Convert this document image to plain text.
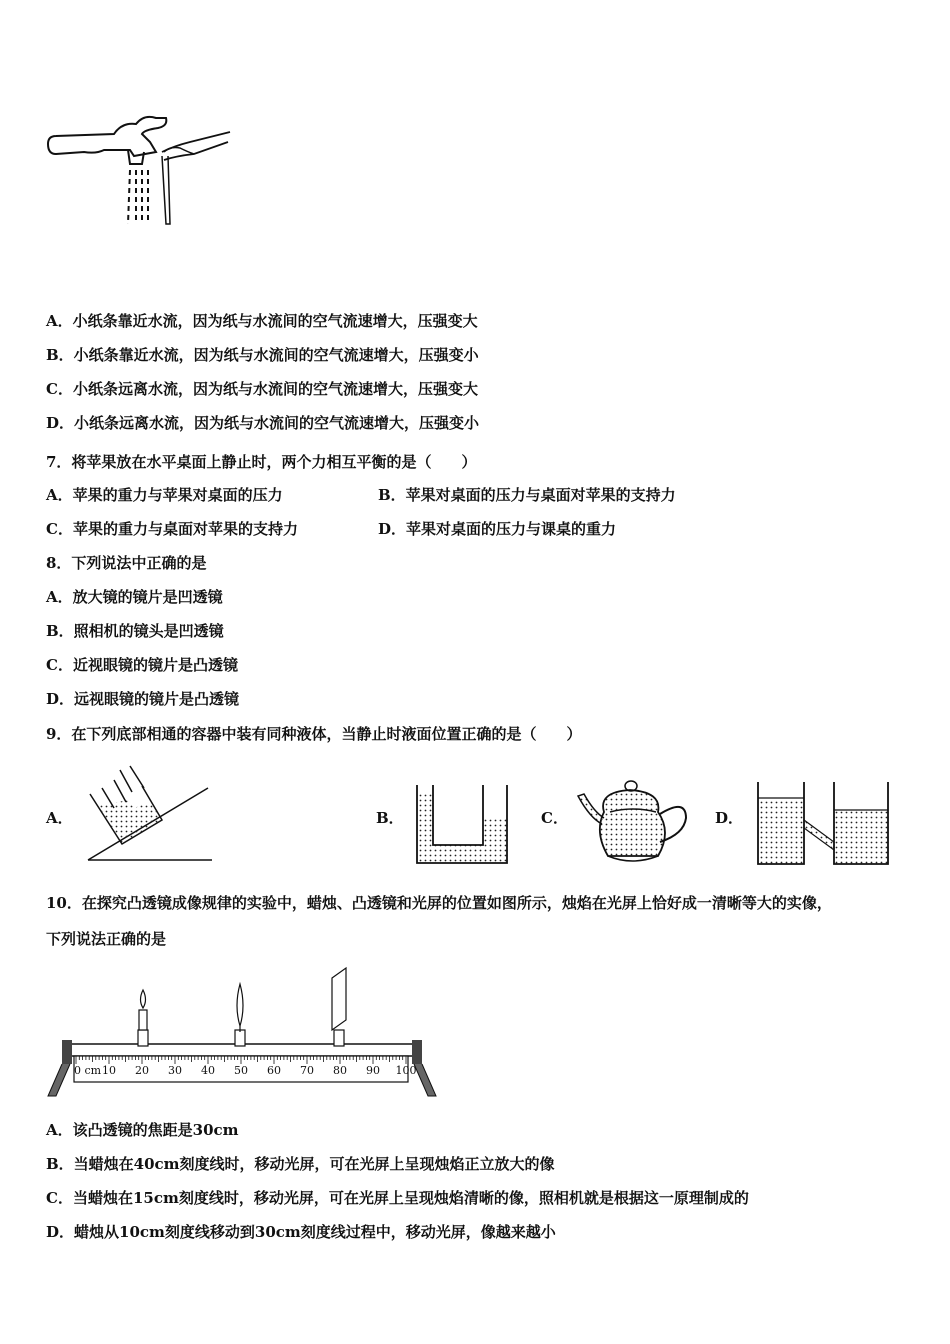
A．小纸条靠近水流，因为纸与水流间的空气流速增大，压强变大
B．小纸条靠近水流，因为纸与水流间的空气流速增大，压强变小
C．小纸条远离水流，因为纸与水流间的空气流速增大，压强变大
D．小纸条远离水流，因为纸与水流间的空气流速增大，压强变小
7．将苹果放在水平桌面上静止时，两个力相互平衡的是（　　）
A．苹果的重力与苹果对桌面的压力	B．苹果对桌面的压力与桌面对苹果的支持力
C．苹果的重力与桌面对苹果的支持力	D．苹果对桌面的压力与课桌的重力
8．下列说法中正确的是
A．放大镜的镜片是凹透镜
B．照相机的镜头是凹透镜
C．近视眼镜的镜片是凸透镜
D．远视眼镜的镜片是凸透镜
9．在下列底部相通的容器中装有同种液体，当静止时液面位置正确的是（　　）
A．	B．	C．	D．
10．在探究凸透镜成像规律的实验中，蜡烛、凸透镜和光屏的位置如图所示，烛焰在光屏上恰好成一清晰等大的实像，
下列说法正确的是
0 cm 10 20 30 40 50 60 70 80 90 100
A．该凸透镜的焦距是30cm
B．当蜡烛在40cm刻度线时，移动光屏，可在光屏上呈现烛焰正立放大的像
C．当蜡烛在15cm刻度线时，移动光屏，可在光屏上呈现烛焰清晰的像，照相机就是根据这一原理制成的
D．蜡烛从10cm刻度线移动到30cm刻度线过程中，移动光屏，像越来越小
